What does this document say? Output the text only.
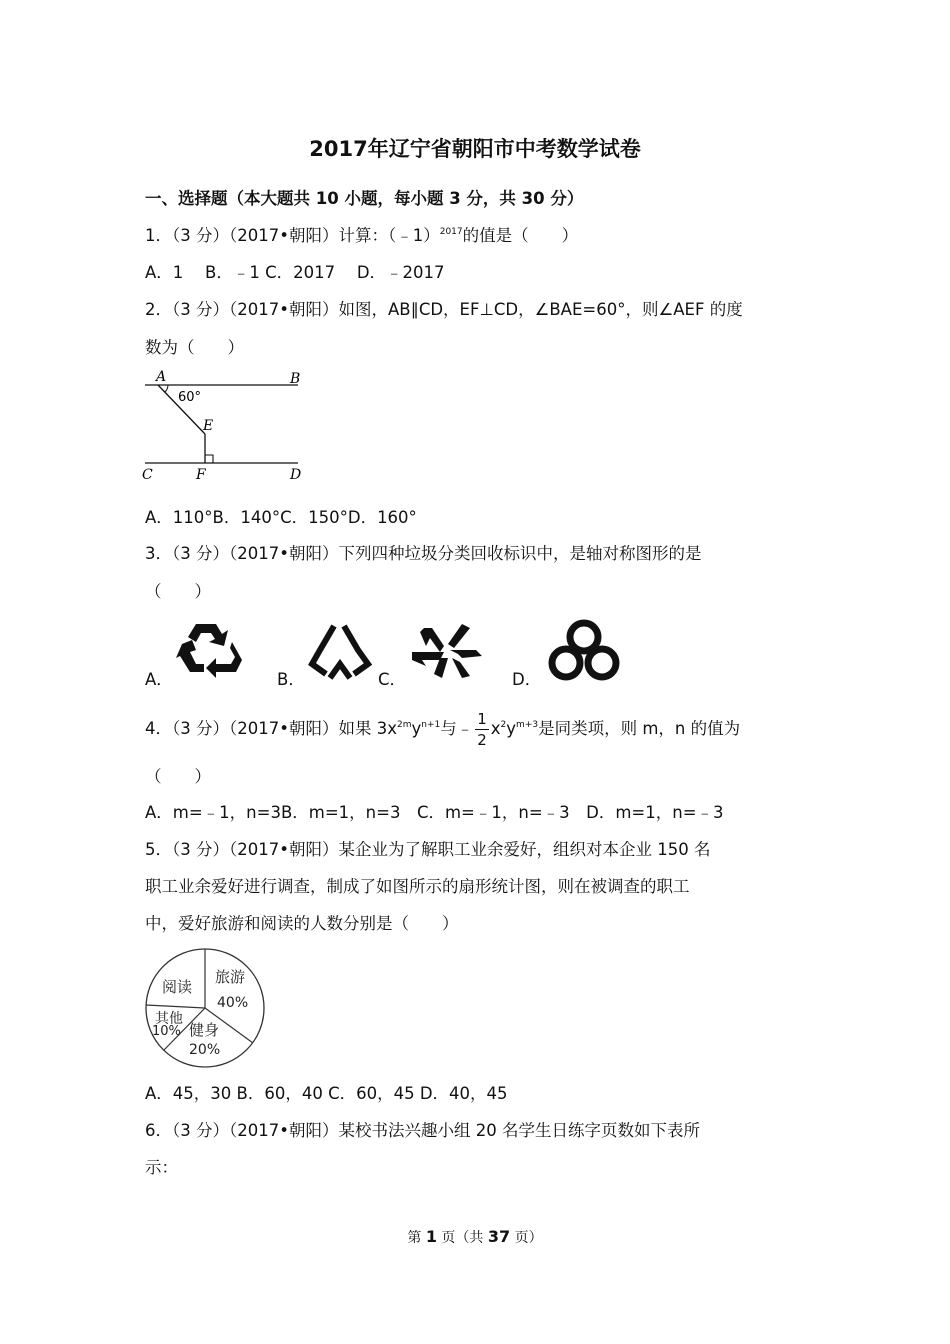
2017年辽宁省朝阳市中考数学试卷
一、选择题（本大题共 10 小题，每小题 3 分，共 30 分）
1．（3 分）（2017•朝阳）计算：（﹣1）$^{2017}$的值是（　　）
A．1　 B．﹣1 C．2017　 D．﹣2017
2．（3 分）（2017•朝阳）如图，AB∥CD，EF⊥CD，∠BAE=60°，则∠AEF 的度
数为（　　）
A	B
60°
E
C	F	D
A．110°B．140°C．150°D．160°
3．（3 分）（2017•朝阳）下列四种垃圾分类回收标识中，是轴对称图形的是
（　　）
A．	B．	C．	D．
4．（3 分）（2017•朝阳）如果 $3x^{2m}y^{n+1}$与﹣ $\frac{1}{2} x^2y^{m+3}$是同类项，则 m，n 的值为
（　　）
A．m=﹣1，n=3B．m=1，n=3　C．m=﹣1，n=﹣3　D．m=1，n=﹣3
5．（3 分）（2017•朝阳）某企业为了解职工业余爱好，组织对本企业 150 名
职工业余爱好进行调查，制成了如图所示的扇形统计图，则在被调查的职工
中，爱好旅游和阅读的人数分别是（　　）
阅读
旅游
40%
其他
10% 健身
20%
A．45，30 B．60，40 C．60，45 D．40，45
6．（3 分）（2017•朝阳）某校书法兴趣小组 20 名学生日练字页数如下表所
示：
第 1 页（共 37 页）
